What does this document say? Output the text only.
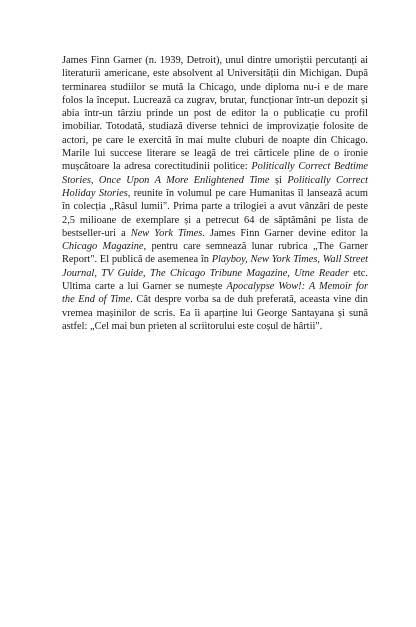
James Finn Garner (n. 1939, Detroit), unul dintre umoriștii percutanți ai literaturii americane, este absolvent al Universității din Michigan. După terminarea studiilor se mută la Chicago, unde diploma nu-i e de mare folos la început. Lucrează ca zugrav, brutar, funcționar într-un depozit și abia într-un târziu prinde un post de editor la o publicație cu profil imobiliar. Totodată, studiază diverse tehnici de improvizație folosite de actori, pe care le exercită în mai multe cluburi de noapte din Chicago. Marile lui succese literare se leagă de trei cărticele pline de o ironie mușcătoare la adresa corectitudinii politice: Politically Correct Bedtime Stories, Once Upon A More Enlightened Time și Politically Correct Holiday Stories, reunite în volumul pe care Humanitas îl lansează acum în colecția „Râsul lumii". Prima parte a trilogiei a avut vânzări de peste 2,5 milioane de exemplare și a petrecut 64 de săptămâni pe lista de bestseller-uri a New York Times. James Finn Garner devine editor la Chicago Magazine, pentru care semnează lunar rubrica „The Garner Report". El publică de asemenea în Playboy, New York Times, Wall Street Journal, TV Guide, The Chicago Tribune Magazine, Utne Reader etc. Ultima carte a lui Garner se numește Apocalypse Wow!: A Memoir for the End of Time. Cât despre vorba sa de duh preferată, aceasta vine din vremea mașinilor de scris. Ea îi aparține lui George Santayana și sună astfel: „Cel mai bun prieten al scriitorului este coșul de hârtii".
